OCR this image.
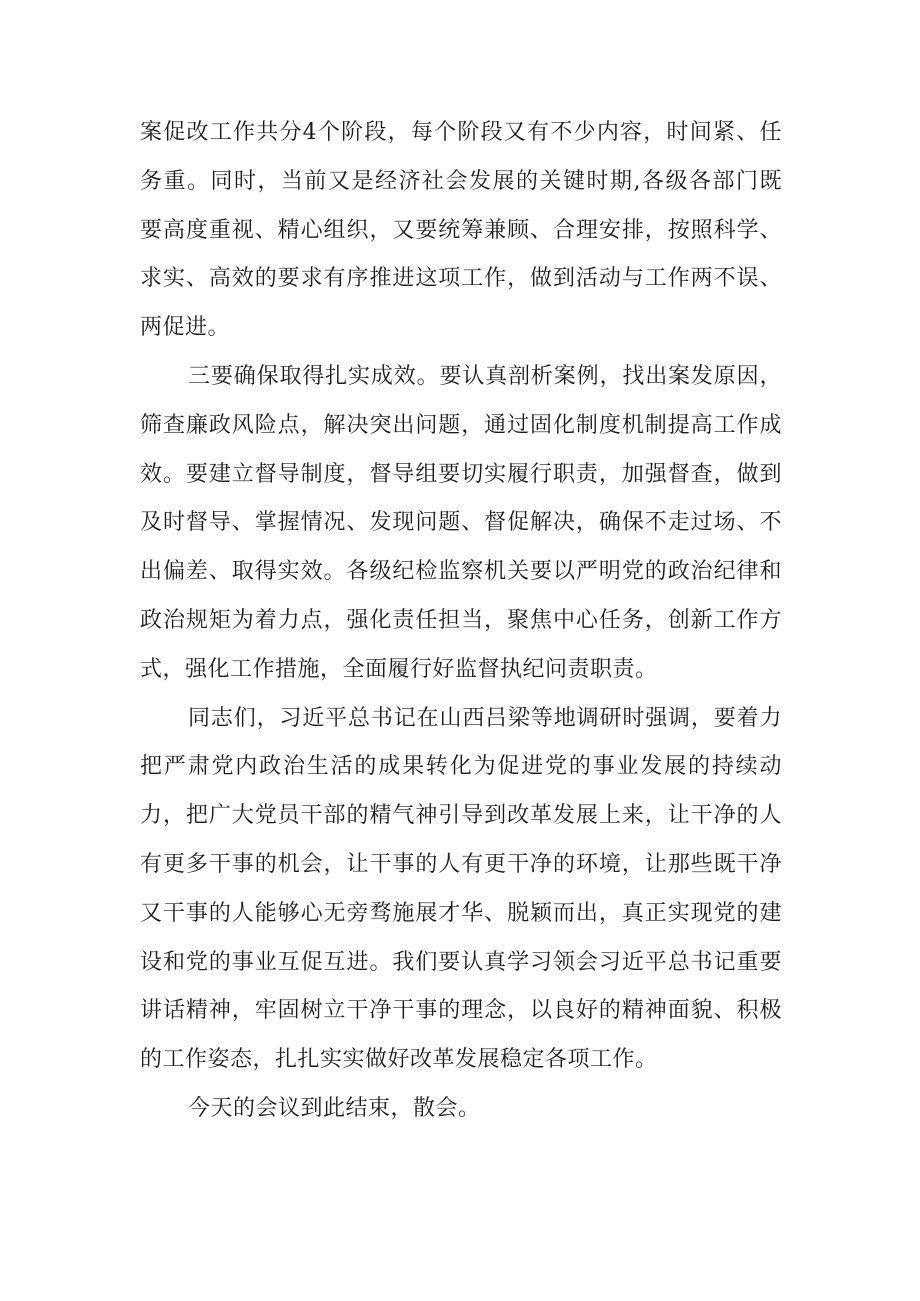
案促改工作共分4个阶段，每个阶段又有不少内容，时间紧、任
务重。同时，当前又是经济社会发展的关键时期,各级各部门既
要高度重视、精心组织，又要统筹兼顾、合理安排，按照科学、
求实、高效的要求有序推进这项工作，做到活动与工作两不误、
两促进。
三要确保取得扎实成效。要认真剖析案例，找出案发原因，
筛查廉政风险点，解决突出问题，通过固化制度机制提高工作成
效。要建立督导制度，督导组要切实履行职责，加强督查，做到
及时督导、掌握情况、发现问题、督促解决，确保不走过场、不
出偏差、取得实效。各级纪检监察机关要以严明党的政治纪律和
政治规矩为着力点，强化责任担当，聚焦中心任务，创新工作方
式，强化工作措施，全面履行好监督执纪问责职责。
同志们，习近平总书记在山西吕梁等地调研时强调，要着力
把严肃党内政治生活的成果转化为促进党的事业发展的持续动
力，把广大党员干部的精气神引导到改革发展上来，让干净的人
有更多干事的机会，让干事的人有更干净的环境，让那些既干净
又干事的人能够心无旁骛施展才华、脱颖而出，真正实现党的建
设和党的事业互促互进。我们要认真学习领会习近平总书记重要
讲话精神，牢固树立干净干事的理念，以良好的精神面貌、积极
的工作姿态，扎扎实实做好改革发展稳定各项工作。
今天的会议到此结束，散会。
